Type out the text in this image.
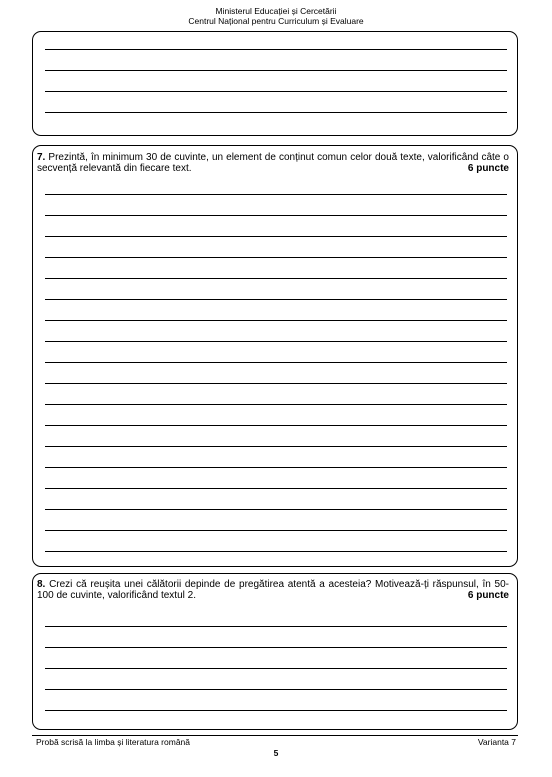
Ministerul Educației și Cercetării
Centrul Național pentru Curriculum și Evaluare
7. Prezintă, în minimum 30 de cuvinte, un element de conținut comun celor două texte, valorificând câte o secvență relevantă din fiecare text.	6 puncte
8. Crezi că reușita unei călătorii depinde de pregătirea atentă a acesteia? Motivează-ți răspunsul, în 50-100 de cuvinte, valorificând textul 2.	6 puncte
Probă scrisă la limba și literatura română	Varianta 7
5
